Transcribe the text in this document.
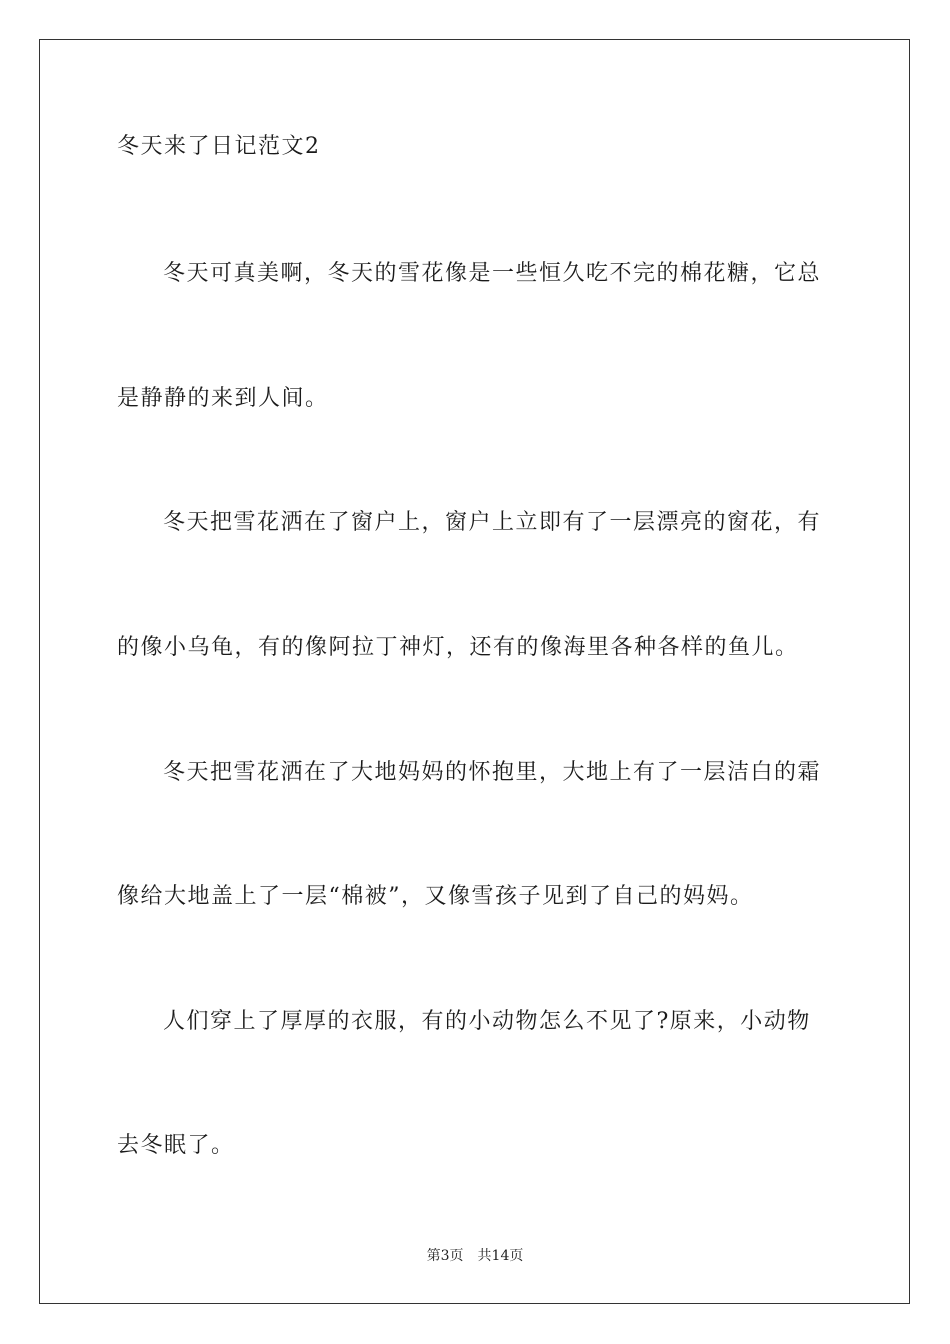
冬天来了日记范文2
冬天可真美啊，冬天的雪花像是一些恒久吃不完的棉花糖，它总
是静静的来到人间。
冬天把雪花洒在了窗户上，窗户上立即有了一层漂亮的窗花，有
的像小乌龟，有的像阿拉丁神灯，还有的像海里各种各样的鱼儿。
冬天把雪花洒在了大地妈妈的怀抱里，大地上有了一层洁白的霜
像给大地盖上了一层“棉被”，又像雪孩子见到了自己的妈妈。
人们穿上了厚厚的衣服，有的小动物怎么不见了?原来，小动物
去冬眠了。
第3页 共14页
